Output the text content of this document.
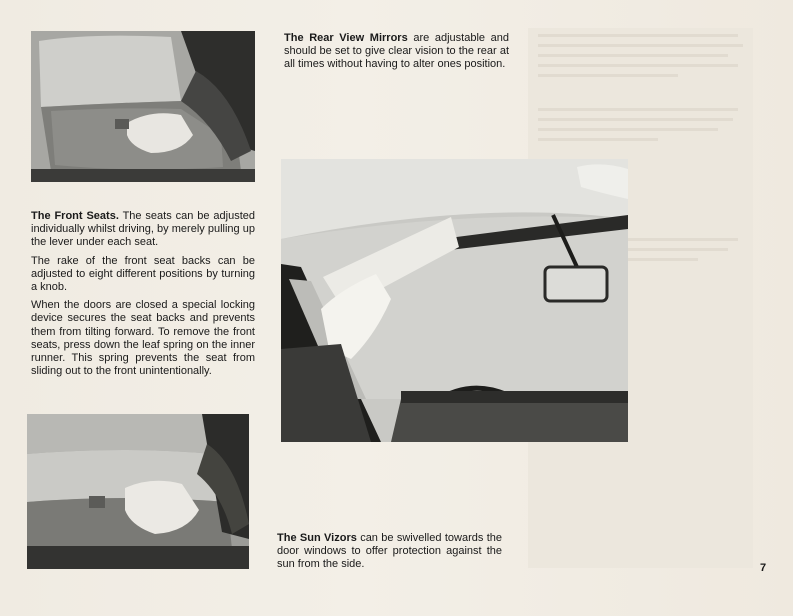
The Rear View Mirrors are adjustable and should be set to give clear vision to the rear at all times without having to alter ones position.

The Front Seats. The seats can be adjusted individually whilst driving, by merely pulling up the lever under each seat.

The rake of the front seat backs can be adjusted to eight different positions by turning a knob.

When the doors are closed a special locking device secures the seat backs and prevents them from tilting forward. To remove the front seats, press down the leaf spring on the inner runner. This spring prevents the seat from sliding out to the front unintentionally.

The Sun Vizors can be swivelled towards the door windows to offer protection against the sun from the side.	7
